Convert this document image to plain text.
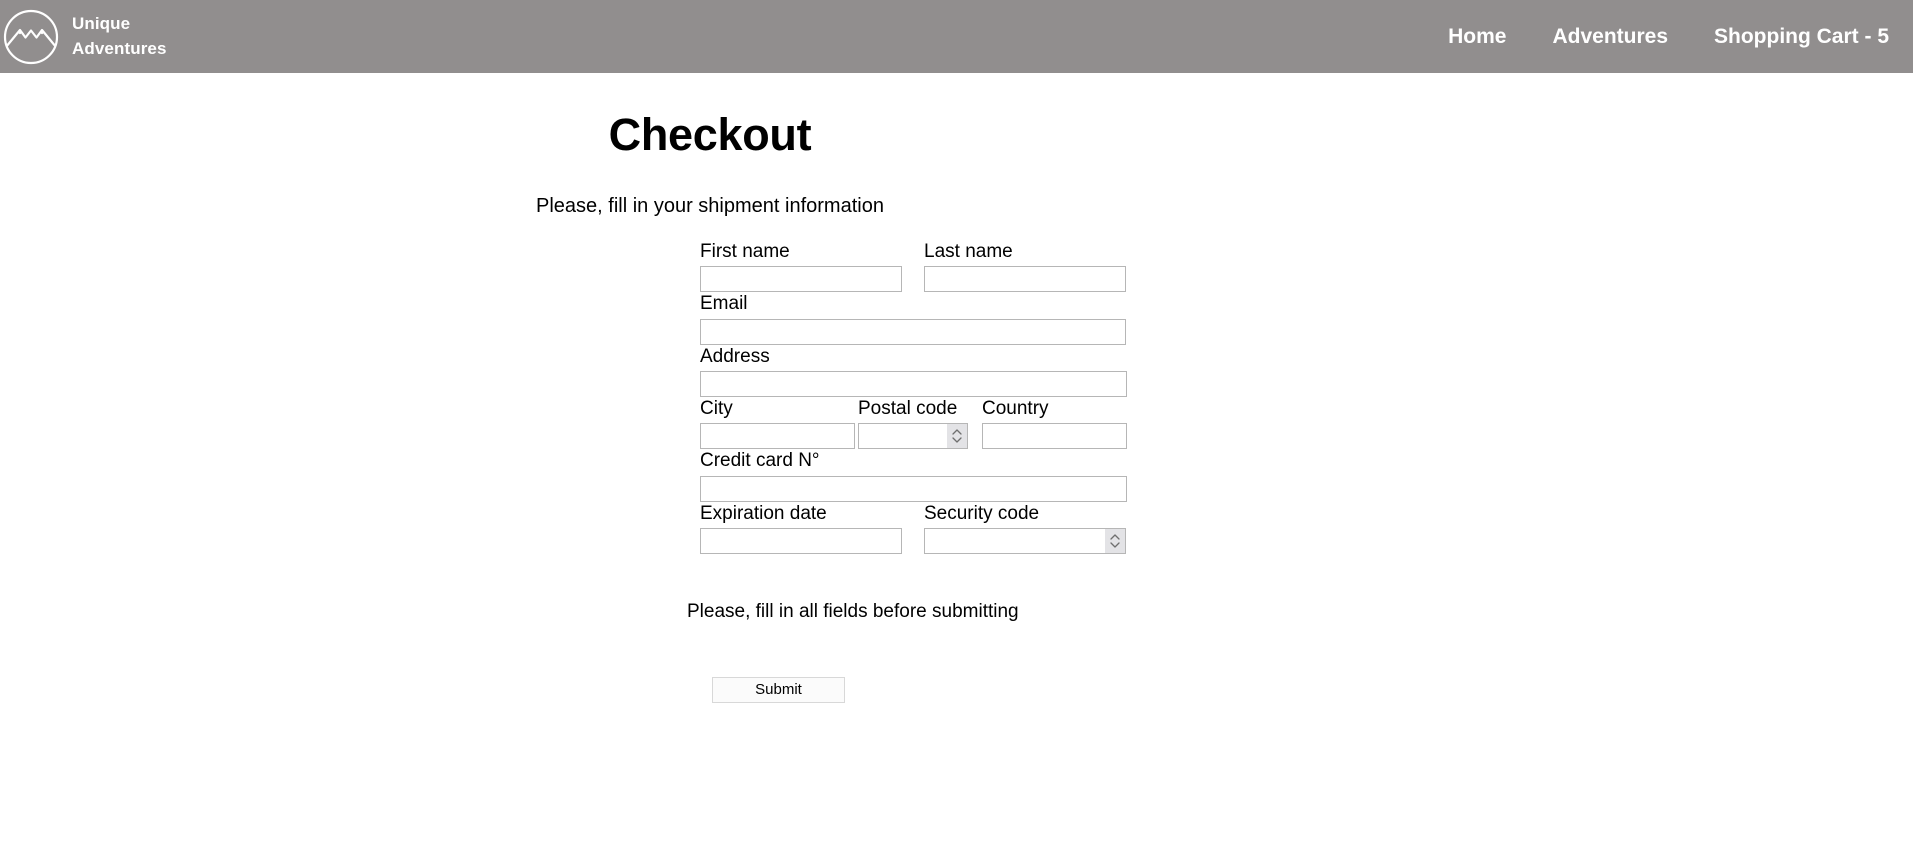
Unique
Adventures
Home Adventures Shopping Cart - 5
Checkout

Please, fill in your shipment information

First name	Last name
Email
Address
City	Postal code	Country
Credit card N°
Expiration date	Security code

Please, fill in all fields before submitting

Submit
